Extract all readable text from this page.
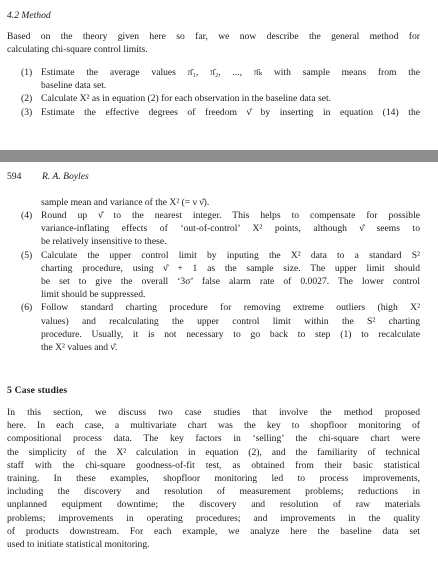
4.2 Method
Based on the theory given here so far, we now describe the general method for
calculating chi-square control limits.
(1) Estimate the average values π̄₁, π̄₂, ..., π̄ₖ with sample means from the
baseline data set.
(2) Calculate X² as in equation (2) for each observation in the baseline data set.
(3) Estimate the effective degrees of freedom ν̂ by inserting in equation (14) the
594 R. A. Boyles
sample mean and variance of the X² (= ν ν̂).
(4) Round up ν̂ to the nearest integer. This helps to compensate for possible
variance-inflating effects of ‘out-of-control’ X² points, although ν̂ seems to
be relatively insensitive to these.
(5) Calculate the upper control limit by inputing the X² data to a standard S²
charting procedure, using ν̂ + 1 as the sample size. The upper limit should
be set to give the overall ‘3σ’ false alarm rate of 0.0027. The lower control
limit should be suppressed.
(6) Follow standard charting procedure for removing extreme outliers (high X²
values) and recalculating the upper control limit within the S² charting
procedure. Usually, it is not necessary to go back to step (1) to recalculate
the X² values and ν̂.
5 Case studies
In this section, we discuss two case studies that involve the method proposed
here. In each case, a multivariate chart was the key to shopfloor monitoring of
compositional process data. The key factors in ‘selling’ the chi-square chart were
the simplicity of the X² calculation in equation (2), and the familiarity of technical
staff with the chi-square goodness-of-fit test, as obtained from their basic statistical
training. In these examples, shopfloor monitoring led to process improvements,
including the discovery and resolution of measurement problems; reductions in
unplanned equipment downtime; the discovery and resolution of raw materials
problems; improvements in operating procedures; and improvements in the quality
of products downstream. For each example, we analyze here the baseline data set
used to initiate statistical monitoring.
